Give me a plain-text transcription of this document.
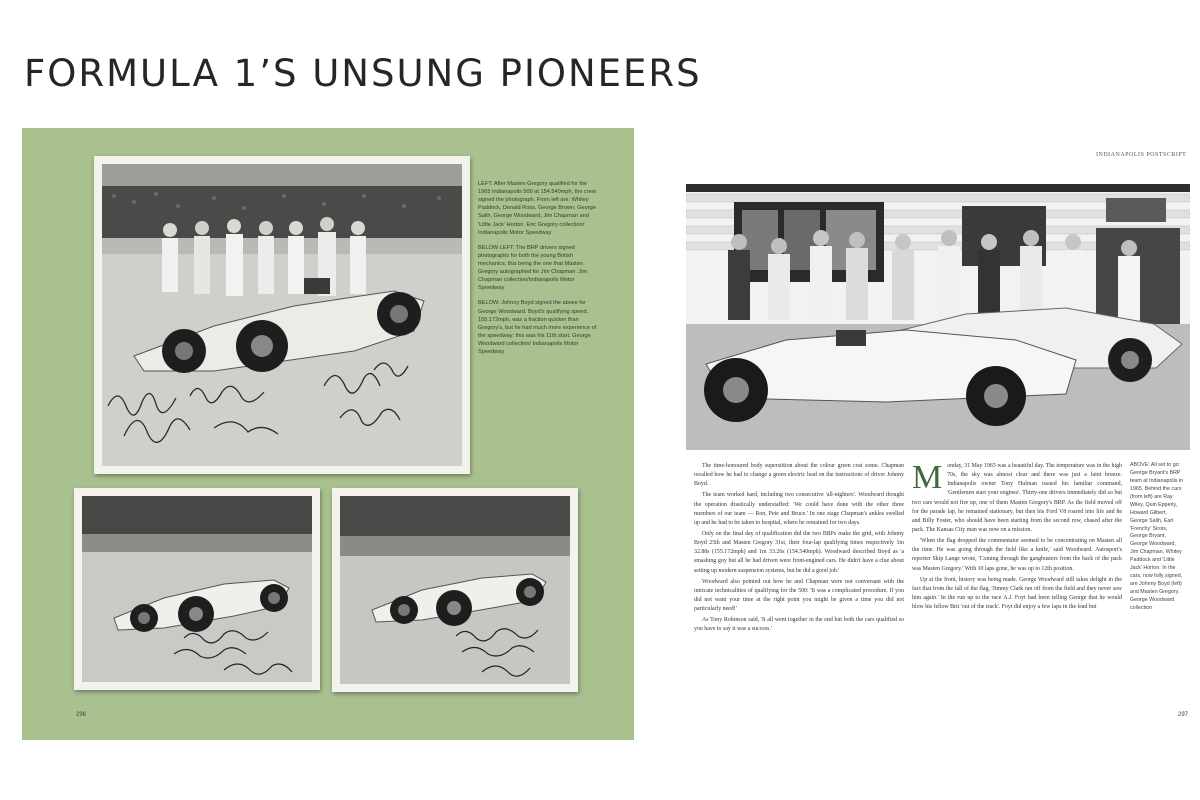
FORMULA 1’S UNSUNG PIONEERS

LEFT: After Masten Gregory qualified for the 1965 Indianapolis 500 at 154.540mph, the crew signed the photograph. From left are: Whitey Paddock, Donald Ross, George Brown, George Salih, George Woodward, Jim Chapman and 'Little Jack' Horton. Eric Gregory collection/ Indianapolis Motor Speedway

BELOW LEFT: The BRP drivers signed photographs for both the young British mechanics, this being the one that Masten Gregory autographed for Jim Chapman. Jim Chapman collection/Indianapolis Motor Speedway

BELOW: Johnny Boyd signed the above for George Woodward. Boyd's qualifying speed, 155.172mph, was a fraction quicker than Gregory's, but he had much more experience of the speedway: this was his 11th start. George Woodward collection/ Indianapolis Motor Speedway

296
INDIANAPOLIS POSTSCRIPT

The time-honoured body superstition about the colour green cost some. Chapman recalled how he had to change a green electric lead on the instructions of driver Johnny Boyd.

The team worked hard, including two consecutive 'all-nighters'. Woodward thought the operation drastically understaffed: 'We could have done with the other three members of our team — Ron, Pete and Bruce.' In one stage Chapman's ankles swelled up and he had to be taken to hospital, where he remained for two days.

Only on the final day of qualification did the two BRPs make the grid, with Johnny Boyd 25th and Masten Gregory 31st, their four-lap qualifying times respectively 1m 32.88s (155.172mph) and 1m 33.26s (154.540mph). Woodward described Boyd as 'a smashing guy but all he had driven were front-engined cars. He didn't have a clue about setting up modern suspension systems, but he did a good job.'

Woodward also pointed out how he and Chapman were not conversant with the intricate technicalities of qualifying for the 500: 'It was a complicated procedure. If you did not want your time at the right point you might be given a time you did not particularly need!'

As Tony Robinson said, 'It all went together in the end but both the cars qualified so you have to say it was a success.'

Monday, 31 May 1965 was a beautiful day. The temperature was in the high 70s, the sky was almost clear and there was just a faint breeze. Indianapolis owner Tony Hulman issued his familiar command, 'Gentlemen start your engines'. Thirty-one drivers immediately did so but two cars would not fire up, one of them Masten Gregory's BRP. As the field moved off for the parade lap, he remained stationary, but then his Ford V8 roared into life and he and Billy Foster, who should have been starting from the second row, chased after the pack. The Kansas City man was now on a mission.

'When the flag dropped the commentator seemed to be concentrating on Masten all the time. He was going through the field like a knife,' said Woodward. Autosport's reporter Skip Lange wrote, 'Coming through the gangbusters from the back of the pack was Masten Gregory.' With 10 laps gone, he was up to 12th position.

Up at the front, history was being made. George Woodward still takes delight in the fact that from the fall of the flag, 'Jimmy Clark ran off from the field and they never saw him again.' In the run up to the race A.J. Foyt had been telling George that he would blow his fellow Brit 'out of the track'. Foyt did enjoy a few laps in the lead but

ABOVE: All set to go: George Bryant's BRP team at Indianapolis in 1965. Behind the cars (from left) are Ray Wiley, Quin Epperly, Howard Gilbert, George Salih, Earl 'Frenchy' Sirois, George Bryant, George Woodward, Jim Chapman, Whitey Paddock and 'Little Jack' Horton. In the cars, now fully signed, are Johnny Boyd (left) and Masten Gregory. George Woodward collection
297
